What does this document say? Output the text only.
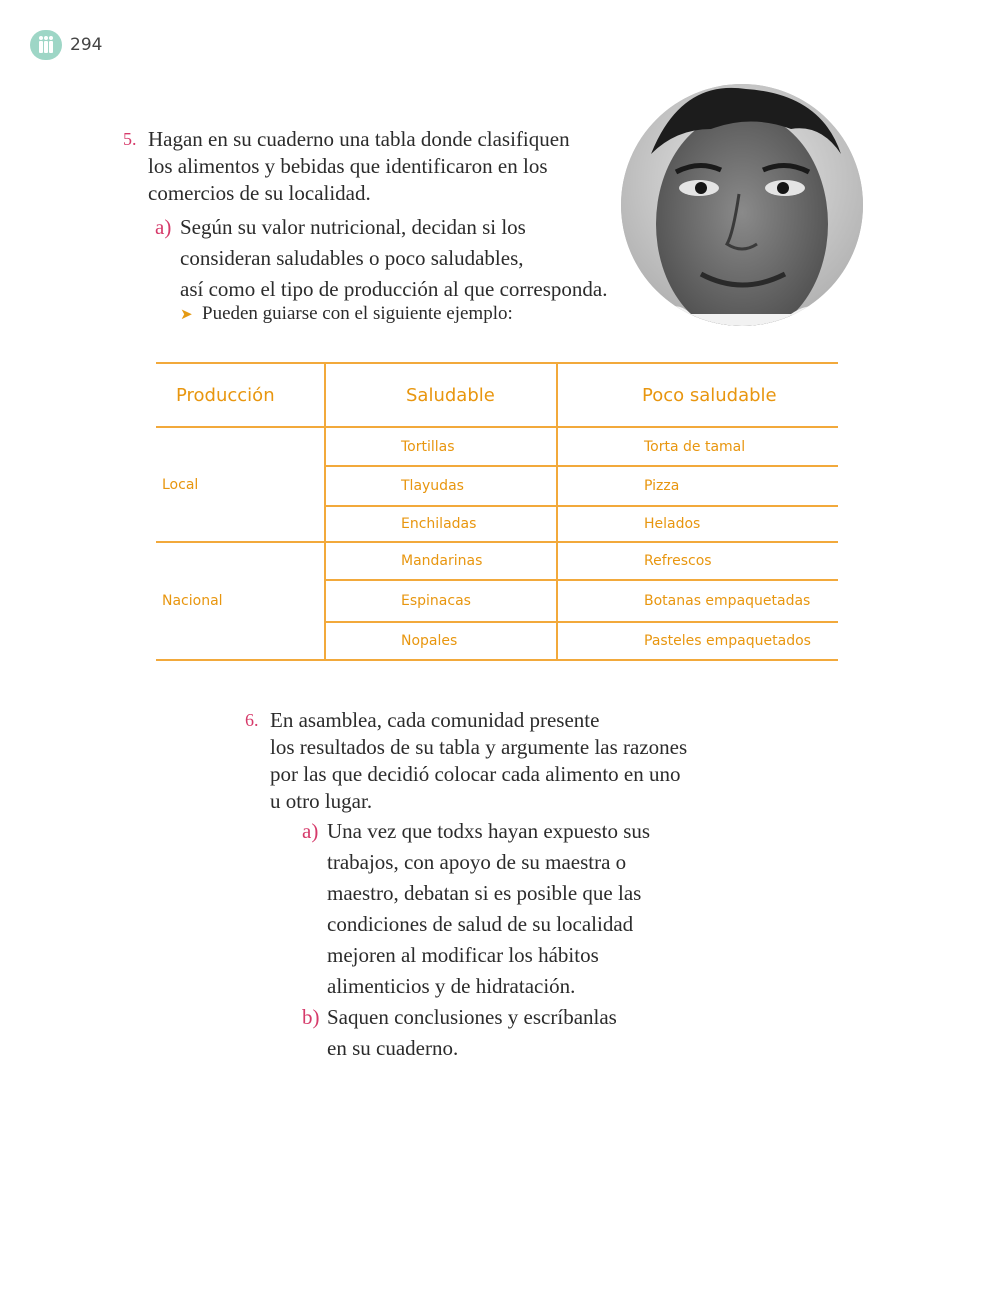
294
5. Hagan en su cuaderno una tabla donde clasifiquen
los alimentos y bebidas que identificaron en los
comercios de su localidad.
a) Según su valor nutricional, decidan si los
consideran saludables o poco saludables,
así como el tipo de producción al que corresponda.
➤ Pueden guiarse con el siguiente ejemplo:
Producción	Saludable	Poco saludable
Local	Tortillas	Torta de tamal
	Tlayudas	Pizza
	Enchiladas	Helados
Nacional	Mandarinas	Refrescos
	Espinacas	Botanas empaquetadas
	Nopales	Pasteles empaquetados
6. En asamblea, cada comunidad presente
los resultados de su tabla y argumente las razones
por las que decidió colocar cada alimento en uno
u otro lugar.
a) Una vez que todxs hayan expuesto sus
trabajos, con apoyo de su maestra o
maestro, debatan si es posible que las
condiciones de salud de su localidad
mejoren al modificar los hábitos
alimenticios y de hidratación.
b) Saquen conclusiones y escríbanlas
en su cuaderno.
